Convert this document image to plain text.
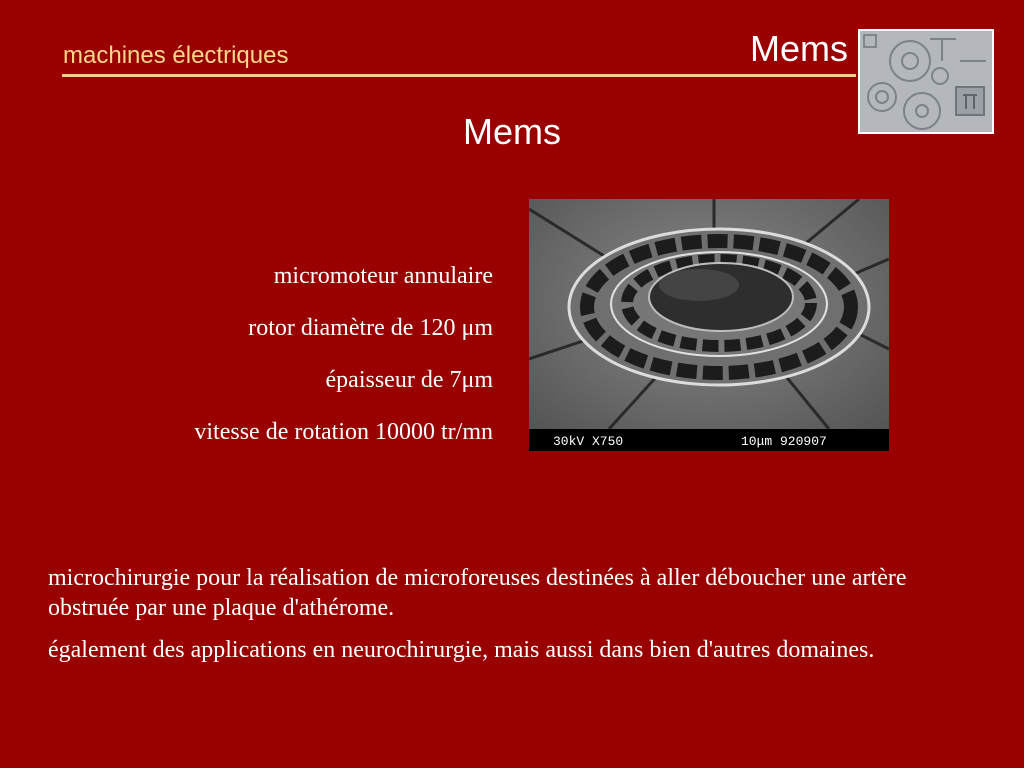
machines électriques	Mems
Mems

micromoteur annulaire

rotor diamètre de 120 μm

épaisseur de 7μm

vitesse de rotation 10000 tr/mn	30kV X750	10μm 920907

microchirurgie pour la réalisation de microforeuses destinées à aller déboucher une artère obstruée par une plaque d'athérome.

également des applications en neurochirurgie, mais aussi dans bien d'autres domaines.
